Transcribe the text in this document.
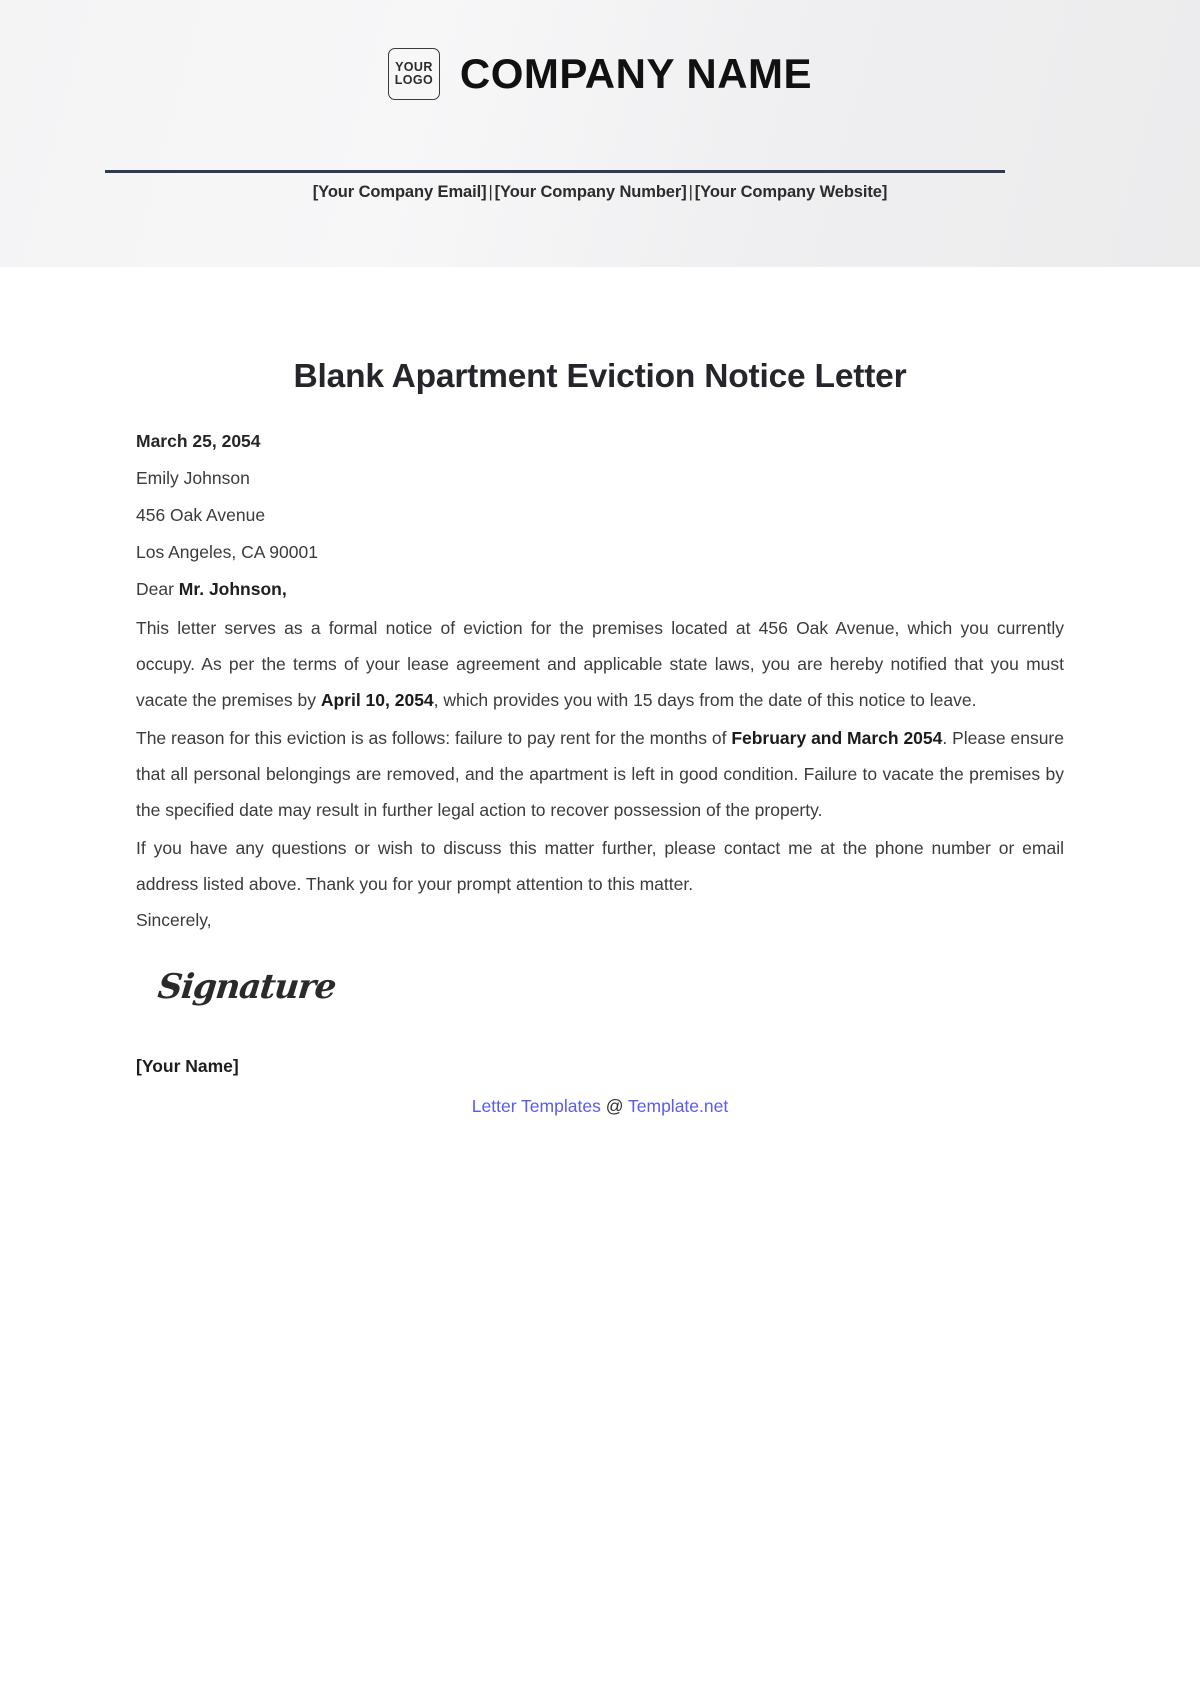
YOUR
LOGO COMPANY NAME
[Your Company Email] | [Your Company Number] | [Your Company Website]
Blank Apartment Eviction Notice Letter
March 25, 2054
Emily Johnson
456 Oak Avenue
Los Angeles, CA 90001
Dear Mr. Johnson,

This letter serves as a formal notice of eviction for the premises located at 456 Oak Avenue, which you currently occupy. As per the terms of your lease agreement and applicable state laws, you are hereby notified that you must vacate the premises by April 10, 2054, which provides you with 15 days from the date of this notice to leave.

The reason for this eviction is as follows: failure to pay rent for the months of February and March 2054. Please ensure that all personal belongings are removed, and the apartment is left in good condition. Failure to vacate the premises by the specified date may result in further legal action to recover possession of the property.

If you have any questions or wish to discuss this matter further, please contact me at the phone number or email address listed above. Thank you for your prompt attention to this matter.

Sincerely,
Signature
[Your Name]
Letter Templates @ Template.net
